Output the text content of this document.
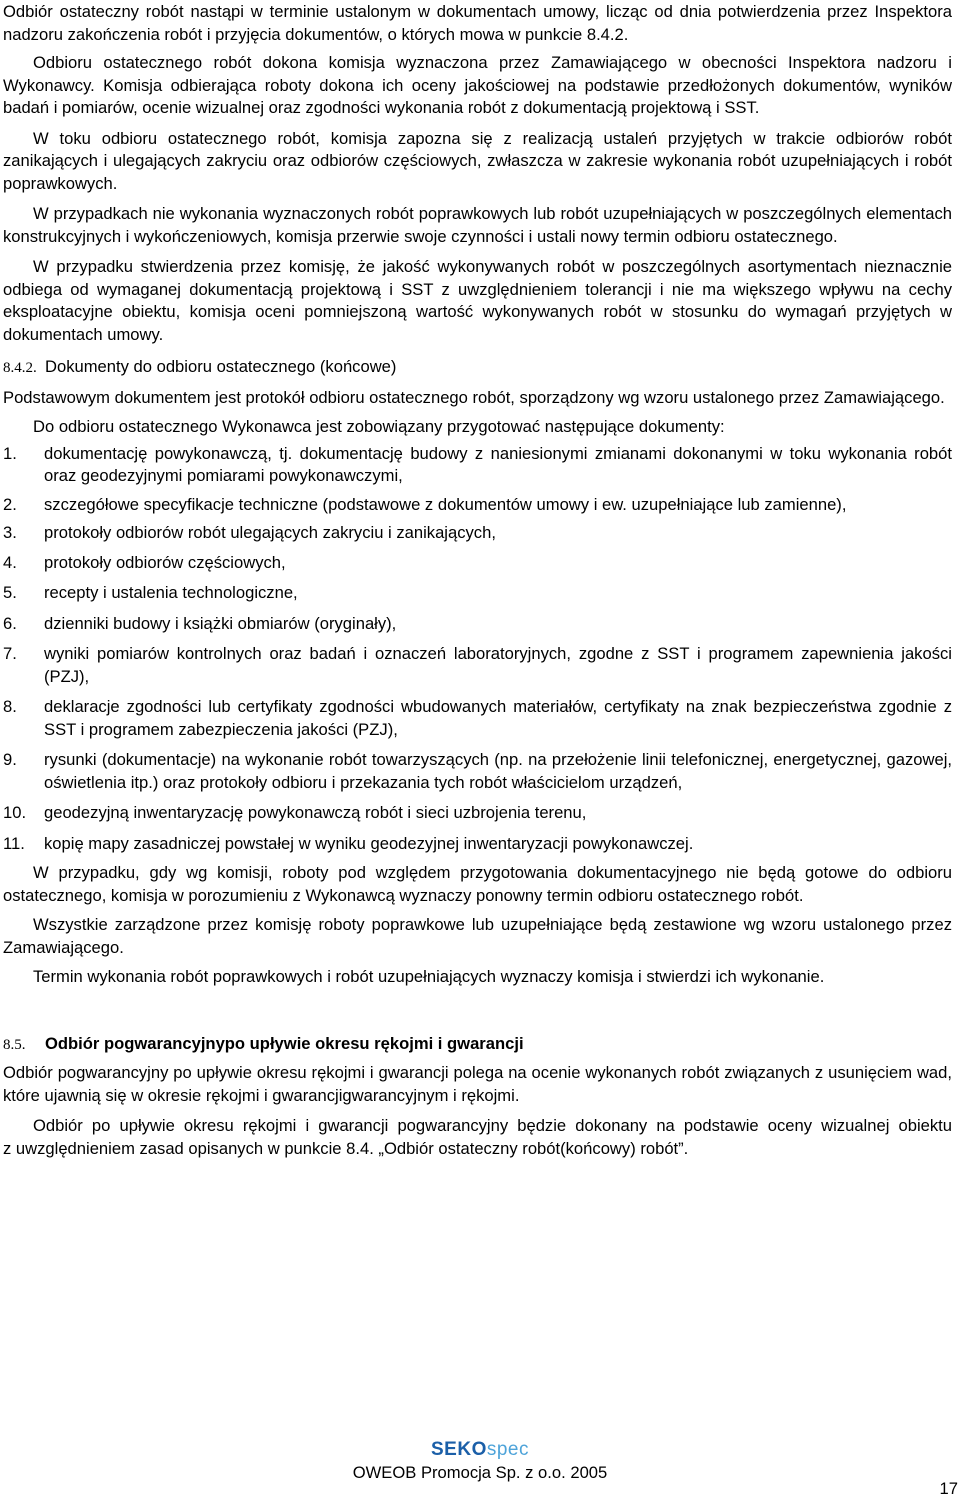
Odbiór ostateczny robót nastąpi w terminie ustalonym w dokumentach umowy, licząc od dnia potwierdzenia przez Inspektora nadzoru zakończenia robót i przyjęcia dokumentów, o których mowa w punkcie 8.4.2.

Odbioru ostatecznego robót dokona komisja wyznaczona przez Zamawiającego w obecności Inspektora nadzoru i Wykonawcy. Komisja odbierająca roboty dokona ich oceny jakościowej na podstawie przedłożonych dokumentów, wyników badań i pomiarów, ocenie wizualnej oraz zgodności wykonania robót z dokumentacją projektową i SST.

W toku odbioru ostatecznego robót, komisja zapozna się z realizacją ustaleń przyjętych w trakcie odbiorów robót zanikających i ulegających zakryciu oraz odbiorów częściowych, zwłaszcza w zakresie wykonania robót uzupełniających i robót poprawkowych.

W przypadkach nie wykonania wyznaczonych robót poprawkowych lub robót uzupełniających w poszczególnych elementach konstrukcyjnych i wykończeniowych, komisja przerwie swoje czynności i ustali nowy termin odbioru ostatecznego.

W przypadku stwierdzenia przez komisję, że jakość wykonywanych robót w poszczególnych asortymentach nieznacznie odbiega od wymaganej dokumentacją projektową i SST z uwzględnieniem tolerancji i nie ma większego wpływu na cechy eksploatacyjne obiektu, komisja oceni pomniejszoną wartość wykonywanych robót w stosunku do wymagań przyjętych w dokumentach umowy.

8.4.2. Dokumenty do odbioru ostatecznego (końcowe)

Podstawowym dokumentem jest protokół odbioru ostatecznego robót, sporządzony wg wzoru ustalonego przez Zamawiającego.

Do odbioru ostatecznego Wykonawca jest zobowiązany przygotować następujące dokumenty:

1.	dokumentację powykonawczą, tj. dokumentację budowy z naniesionymi zmianami dokonanymi w toku wykonania robót oraz geodezyjnymi pomiarami powykonawczymi,
2.	szczegółowe specyfikacje techniczne (podstawowe z dokumentów umowy i ew. uzupełniające lub zamienne),
3.	protokoły odbiorów robót ulegających zakryciu i zanikających,
4.	protokoły odbiorów częściowych,
5.	recepty i ustalenia technologiczne,
6.	dzienniki budowy i książki obmiarów (oryginały),
7.	wyniki pomiarów kontrolnych oraz badań i oznaczeń laboratoryjnych, zgodne z SST i programem zapewnienia jakości (PZJ),
8.	deklaracje zgodności lub certyfikaty zgodności wbudowanych materiałów, certyfikaty na znak bezpieczeństwa zgodnie z SST i programem zabezpieczenia jakości (PZJ),
9.	rysunki (dokumentacje) na wykonanie robót towarzyszących (np. na przełożenie linii telefonicznej, energetycznej, gazowej, oświetlenia itp.) oraz protokoły odbioru i przekazania tych robót właścicielom urządzeń,
10.	geodezyjną inwentaryzację powykonawczą robót i sieci uzbrojenia terenu,
11.	kopię mapy zasadniczej powstałej w wyniku geodezyjnej inwentaryzacji powykonawczej.

W przypadku, gdy wg komisji, roboty pod względem przygotowania dokumentacyjnego nie będą gotowe do odbioru ostatecznego, komisja w porozumieniu z Wykonawcą wyznaczy ponowny termin odbioru ostatecznego robót.

Wszystkie zarządzone przez komisję roboty poprawkowe lub uzupełniające będą zestawione wg wzoru ustalonego przez Zamawiającego.

Termin wykonania robót poprawkowych i robót uzupełniających wyznaczy komisja i stwierdzi ich wykonanie.

8.5.	Odbiór pogwarancyjnypo upływie okresu rękojmi i gwarancji

Odbiór pogwarancyjny po upływie okresu rękojmi i gwarancji polega na ocenie wykonanych robót związanych z usunięciem wad, które ujawnią się w okresie rękojmi i gwarancjigwarancyjnym i rękojmi.

Odbiór po upływie okresu rękojmi i gwarancji pogwarancyjny będzie dokonany na podstawie oceny wizualnej obiektu

z uwzględnieniem zasad opisanych w punkcie 8.4. „Odbiór ostateczny robót(końcowy) robót”.

SEKOspec
OWEOB Promocja Sp. z o.o. 2005
17
